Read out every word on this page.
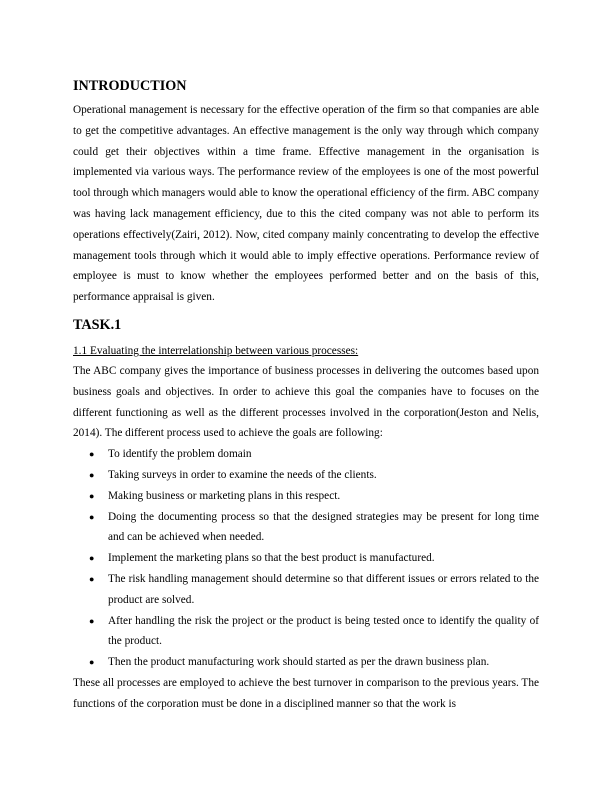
INTRODUCTION

Operational management is necessary for the effective operation of the firm so that companies are able to get the competitive advantages. An effective management is the only way through which company could get their objectives within a time frame. Effective management in the organisation is implemented via various ways. The performance review of the employees is one of the most powerful tool through which managers would able to know the operational efficiency of the firm. ABC company was having lack management efficiency, due to this the cited company was not able to perform its operations effectively(Zairi, 2012). Now, cited company mainly concentrating to develop the effective management tools through which it would able to imply effective operations. Performance review of employee is must to know whether the employees performed better and on the basis of this, performance appraisal is given.

TASK.1

1.1 Evaluating the interrelationship between various processes:

The ABC company gives the importance of business processes in delivering the outcomes based upon business goals and objectives. In order to achieve this goal the companies have to focuses on the different functioning as well as the different processes involved in the corporation(Jeston and Nelis, 2014). The different process used to achieve the goals are following:

● To identify the problem domain
● Taking surveys in order to examine the needs of the clients.
● Making business or marketing plans in this respect.
● Doing the documenting process so that the designed strategies may be present for long time and can be achieved when needed.
● Implement the marketing plans so that the best product is manufactured.
● The risk handling management should determine so that different issues or errors related to the product are solved.
● After handling the risk the project or the product is being tested once to identify the quality of the product.
● Then the product manufacturing work should started as per the drawn business plan.

These all processes are employed to achieve the best turnover in comparison to the previous years. The functions of the corporation must be done in a disciplined manner so that the work is
